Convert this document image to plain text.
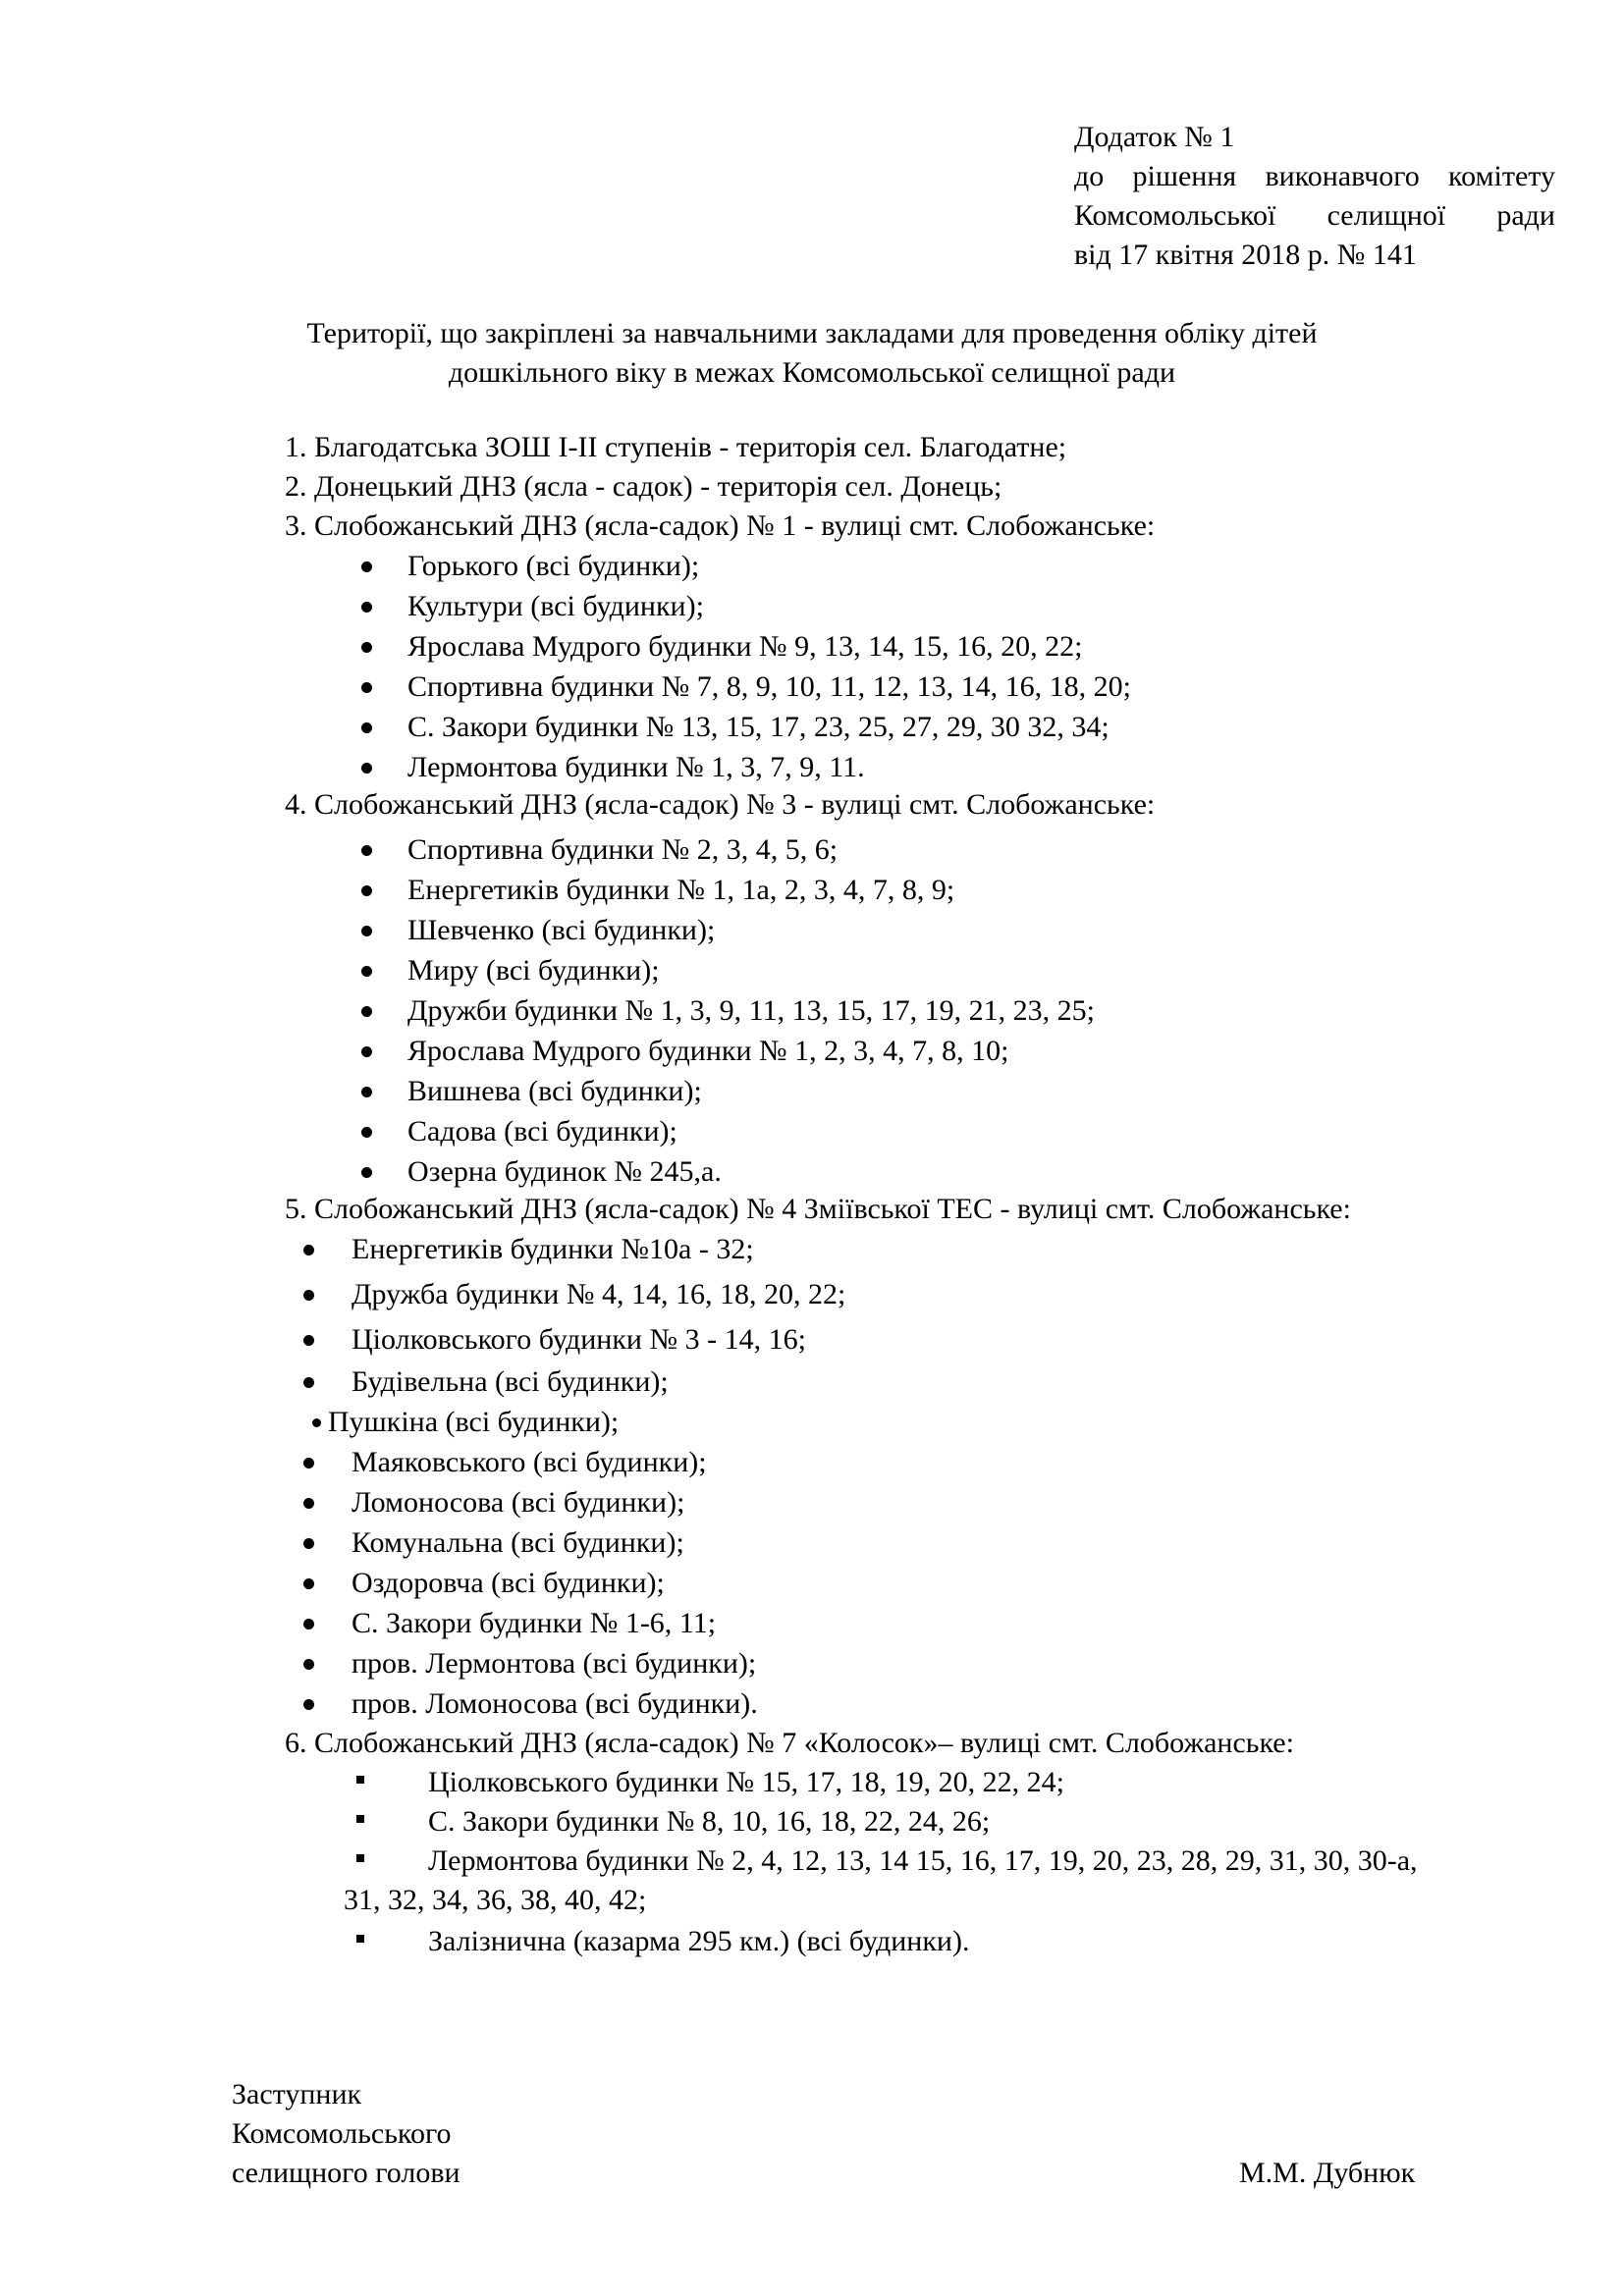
Додаток № 1
до рішення виконавчого комітету
Комсомольської селищної ради
від 17 квітня 2018 р. № 141
Території, що закріплені за навчальними закладами для проведення обліку дітей
дошкільного віку в межах Комсомольської селищної ради
1. Благодатська ЗОШ I-II ступенів - територія сел. Благодатне;
2. Донецький ДНЗ (ясла - садок) - територія сел. Донець;
3. Слобожанський ДНЗ (ясла-садок) № 1 - вулиці смт. Слобожанське:
Горького (всі будинки);
Культури (всі будинки);
Ярослава Мудрого будинки № 9, 13, 14, 15, 16, 20, 22;
Спортивна будинки № 7, 8, 9, 10, 11, 12, 13, 14, 16, 18, 20;
С. Закори будинки № 13, 15, 17, 23, 25, 27, 29, 30 32, 34;
Лермонтова будинки № 1, 3, 7, 9, 11.
4. Слобожанський ДНЗ (ясла-садок) № 3 - вулиці смт. Слобожанське:
Спортивна будинки № 2, 3, 4, 5, 6;
Енергетиків будинки № 1, 1а, 2, 3, 4, 7, 8, 9;
Шевченко (всі будинки);
Миру (всі будинки);
Дружби будинки № 1, 3, 9, 11, 13, 15, 17, 19, 21, 23, 25;
Ярослава Мудрого будинки № 1, 2, 3, 4, 7, 8, 10;
Вишнева (всі будинки);
Садова (всі будинки);
Озерна будинок № 245,а.
5. Слобожанський ДНЗ (ясла-садок) № 4 Зміївської ТЕС - вулиці смт. Слобожанське:
Енергетиків будинки №10а - 32;
Дружба будинки № 4, 14, 16, 18, 20, 22;
Ціолковського будинки № 3 - 14, 16;
Будівельна (всі будинки);
Пушкіна (всі будинки);
Маяковського (всі будинки);
Ломоносова (всі будинки);
Комунальна (всі будинки);
Оздоровча (всі будинки);
С. Закори будинки № 1-6, 11;
пров. Лермонтова (всі будинки);
пров. Ломоносова (всі будинки).
6. Слобожанський ДНЗ (ясла-садок) № 7 «Колосок»– вулиці смт. Слобожанське:
Ціолковського будинки № 15, 17, 18, 19, 20, 22, 24;
С. Закори будинки № 8, 10, 16, 18, 22, 24, 26;
Лермонтова будинки № 2, 4, 12, 13, 14 15, 16, 17, 19, 20, 23, 28, 29, 31, 30, 30-а,
31, 32, 34, 36, 38, 40, 42;
Залізнична (казарма 295 км.) (всі будинки).
Заступник
Комсомольського
селищного голови	М.М. Дубнюк
